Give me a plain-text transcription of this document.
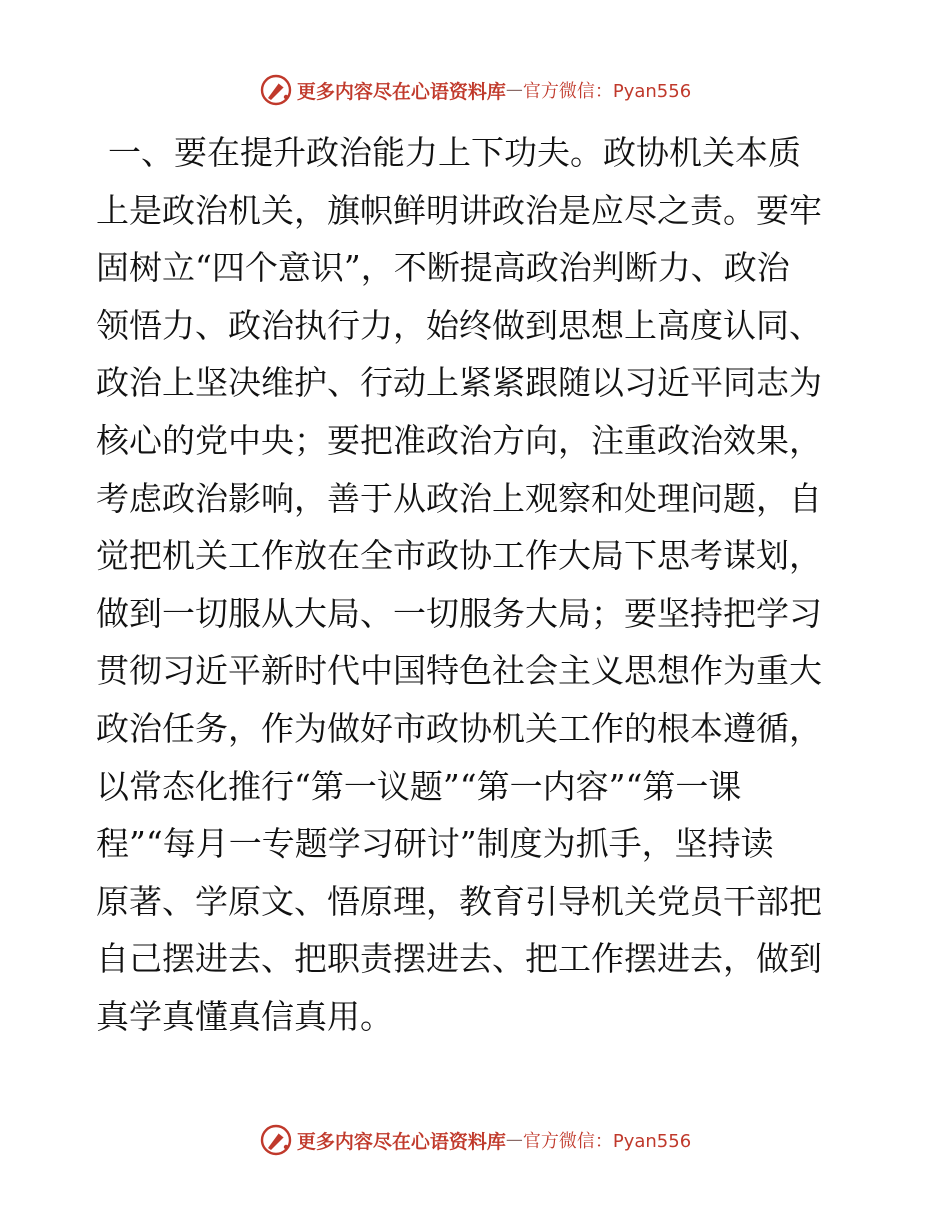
更多内容尽在心语资料库 — 官方微信：Pyan556
一、要在提升政治能力上下功夫。政协机关本质
上是政治机关，旗帜鲜明讲政治是应尽之责。要牢
固树立“四个意识”，不断提高政治判断力、政治
领悟力、政治执行力，始终做到思想上高度认同、
政治上坚决维护、行动上紧紧跟随以习近平同志为
核心的党中央；要把准政治方向，注重政治效果，
考虑政治影响，善于从政治上观察和处理问题，自
觉把机关工作放在全市政协工作大局下思考谋划，
做到一切服从大局、一切服务大局；要坚持把学习
贯彻习近平新时代中国特色社会主义思想作为重大
政治任务，作为做好市政协机关工作的根本遵循，
以常态化推行“第一议题”“第一内容”“第一课
程”“每月一专题学习研讨”制度为抓手，坚持读
原著、学原文、悟原理，教育引导机关党员干部把
自己摆进去、把职责摆进去、把工作摆进去，做到
真学真懂真信真用。
更多内容尽在心语资料库 — 官方微信：Pyan556
